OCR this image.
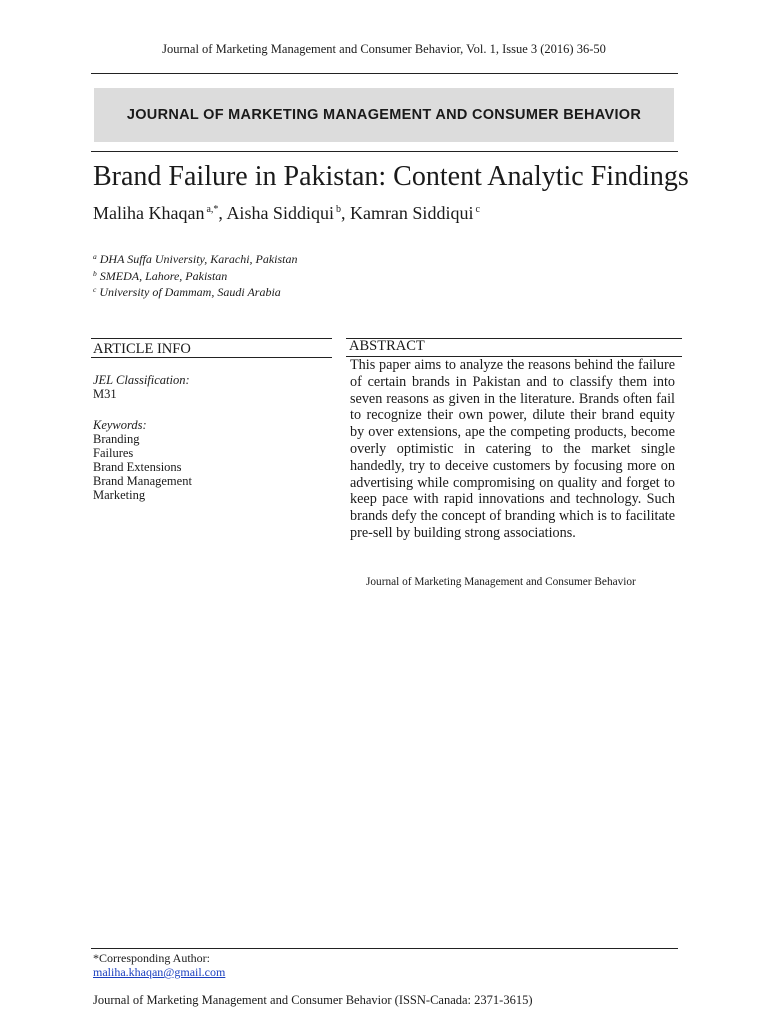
Journal of Marketing Management and Consumer Behavior, Vol. 1, Issue 3 (2016) 36-50
JOURNAL OF MARKETING MANAGEMENT AND CONSUMER BEHAVIOR
Brand Failure in Pakistan: Content Analytic Findings
Maliha Khaqan $^{a,*}$, Aisha Siddiqui $^b$, Kamran Siddiqui $^c$
$^a$ DHA Suffa University, Karachi, Pakistan
$^b$ SMEDA, Lahore, Pakistan
$^c$ University of Dammam, Saudi Arabia
ARTICLE INFO
JEL Classification:
M31
Keywords:
Branding
Failures
Brand Extensions
Brand Management
Marketing
ABSTRACT

This paper aims to analyze the reasons behind the failure of certain brands in Pakistan and to classify them into seven reasons as given in the literature. Brands often fail to recognize their own power, dilute their brand equity by over extensions, ape the competing products, become overly optimistic in catering to the market single handedly, try to deceive customers by focusing more on advertising while compromising on quality and forget to keep pace with rapid innovations and technology. Such brands defy the concept of branding which is to facilitate pre-sell by building strong associations.

Journal of Marketing Management and Consumer Behavior
*Corresponding Author:
maliha.khaqan@gmail.com
Journal of Marketing Management and Consumer Behavior (ISSN-Canada: 2371-3615)
